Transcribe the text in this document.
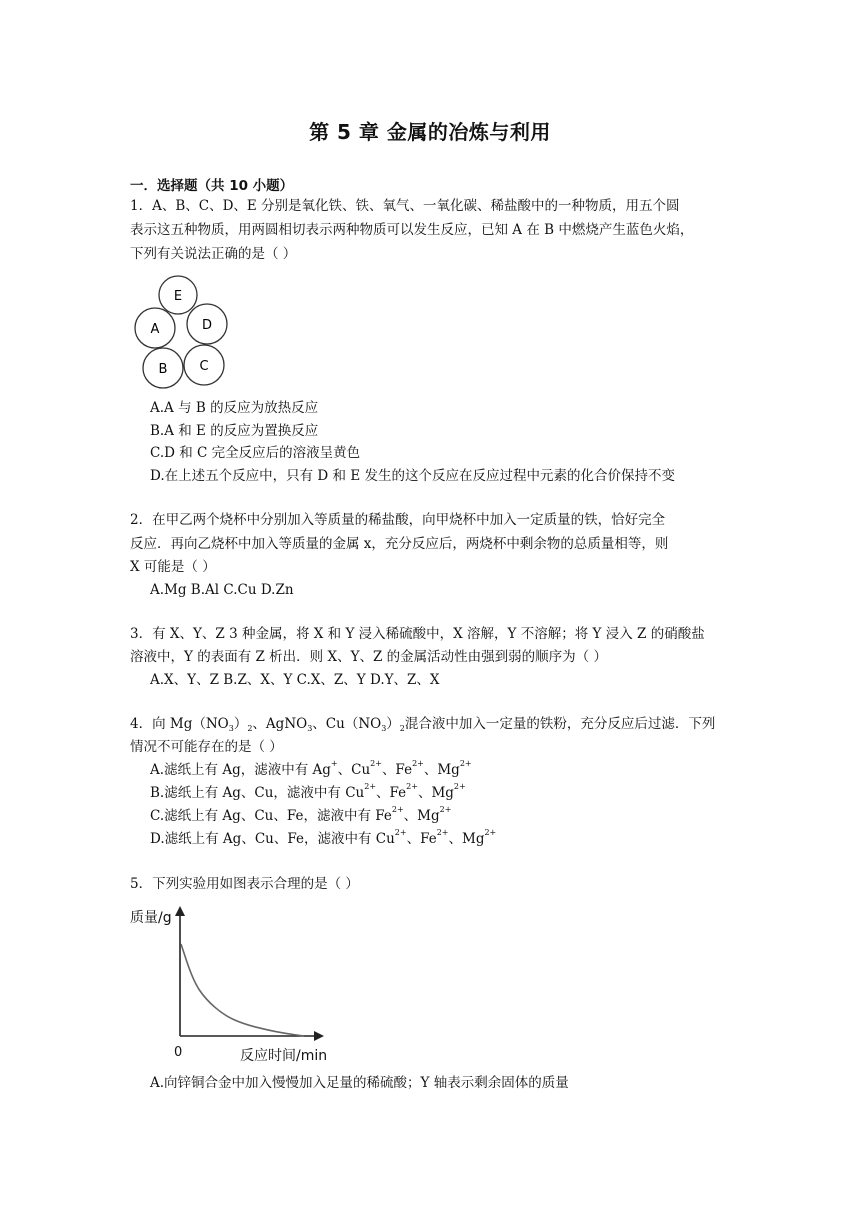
第 5 章 金属的冶炼与利用
一．选择题（共 10 小题）
1．A、B、C、D、E 分别是氧化铁、铁、氧气、一氧化碳、稀盐酸中的一种物质，用五个圆
表示这五种物质，用两圆相切表示两种物质可以发生反应，已知 A 在 B 中燃烧产生蓝色火焰，
下列有关说法正确的是（ ）
E
A	D
B C
A.A 与 B 的反应为放热反应
B.A 和 E 的反应为置换反应
C.D 和 C 完全反应后的溶液呈黄色
D.在上述五个反应中，只有 D 和 E 发生的这个反应在反应过程中元素的化合价保持不变
2．在甲乙两个烧杯中分别加入等质量的稀盐酸，向甲烧杯中加入一定质量的铁，恰好完全
反应．再向乙烧杯中加入等质量的金属 x，充分反应后，两烧杯中剩余物的总质量相等，则
X 可能是（ ）
A.Mg B.Al C.Cu D.Zn
3．有 X、Y、Z 3 种金属，将 X 和 Y 浸入稀硫酸中，X 溶解，Y 不溶解；将 Y 浸入 Z 的硝酸盐
溶液中，Y 的表面有 Z 析出．则 X、Y、Z 的金属活动性由强到弱的顺序为（ ）
A.X、Y、Z B.Z、X、Y C.X、Z、Y D.Y、Z、X
4．向 $Mg(NO_3)_2$、AgNO$_3$、$Cu(NO_3)_2$混合液中加入一定量的铁粉，充分反应后过滤．下列
情况不可能存在的是（ ）
A.滤纸上有 Ag，滤液中有 Ag+、$Cu^{2+}$、$Fe^{2+}$、$Mg^{2+}$
B.滤纸上有 Ag、Cu，滤液中有 $Cu^{2+}$、$Fe^{2+}$、$Mg^{2+}$
C.滤纸上有 Ag、Cu、Fe，滤液中有 $Fe^{2+}$、$Mg^{2+}$
D.滤纸上有 Ag、Cu、Fe，滤液中有 $Cu^{2+}$、$Fe^{2+}$、$Mg^{2+}$
5．下列实验用如图表示合理的是（ ）
质量/g
0	反应时间/min
A.向锌铜合金中加入慢慢加入足量的稀硫酸；Y 轴表示剩余固体的质量
